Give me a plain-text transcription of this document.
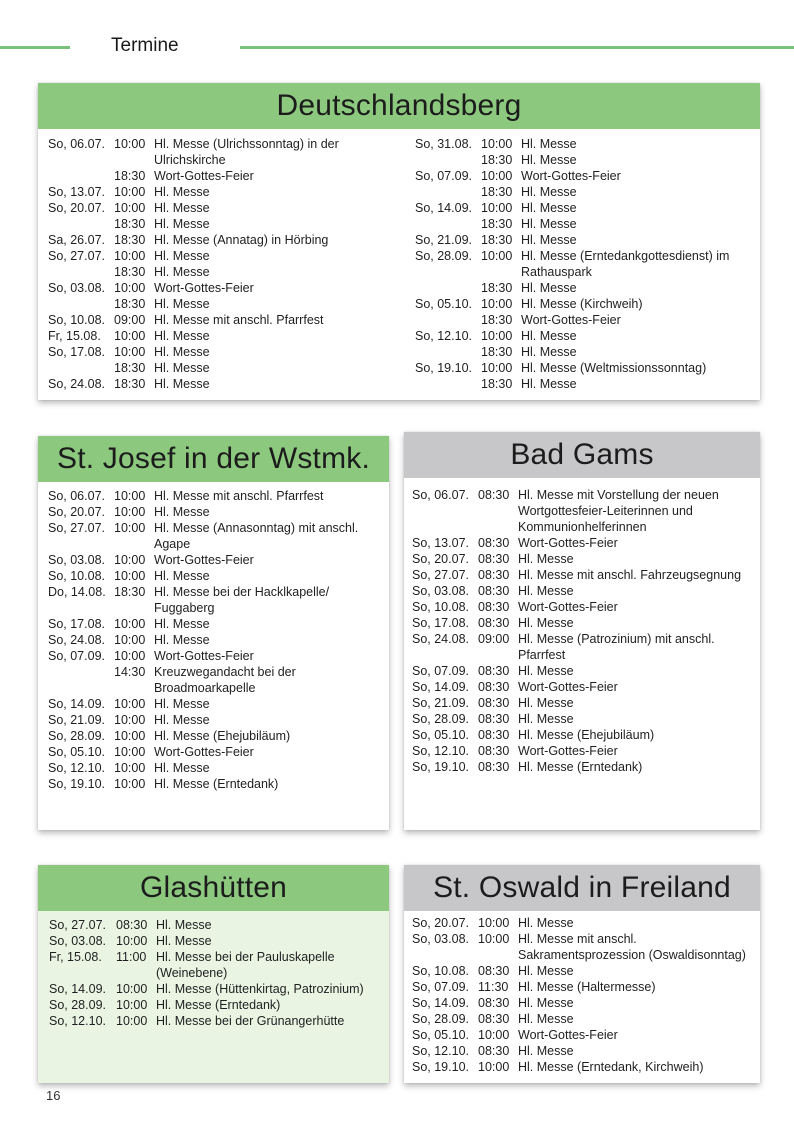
Termine
Deutschlandsberg
So, 06.07. 10:00 Hl. Messe (Ulrichssonntag) in der Ulrichskirche
18:30 Wort-Gottes-Feier
So, 13.07. 10:00 Hl. Messe
So, 20.07. 10:00 Hl. Messe
18:30 Hl. Messe
Sa, 26.07. 18:30 Hl. Messe (Annatag) in Hörbing
So, 27.07. 10:00 Hl. Messe
18:30 Hl. Messe
So, 03.08. 10:00 Wort-Gottes-Feier
18:30 Hl. Messe
So, 10.08. 09:00 Hl. Messe mit anschl. Pfarrfest
Fr, 15.08.	10:00 Hl. Messe
So, 17.08. 10:00 Hl. Messe
18:30 Hl. Messe
So, 24.08. 18:30 Hl. Messe
So, 31.08. 10:00 Hl. Messe
18:30 Hl. Messe
So, 07.09. 10:00 Wort-Gottes-Feier
18:30 Hl. Messe
So, 14.09. 10:00 Hl. Messe
18:30 Hl. Messe
So, 21.09. 18:30 Hl. Messe
So, 28.09. 10:00 Hl. Messe (Erntedankgottesdienst) im Rathauspark
18:30 Hl. Messe
So, 05.10. 10:00 Hl. Messe (Kirchweih)
18:30 Wort-Gottes-Feier
So, 12.10. 10:00 Hl. Messe
18:30 Hl. Messe
So, 19.10. 10:00 Hl. Messe (Weltmissionssonntag)
18:30 Hl. Messe
St. Josef in der Wstmk.
So, 06.07. 10:00 Hl. Messe mit anschl. Pfarrfest
So, 20.07. 10:00 Hl. Messe
So, 27.07. 10:00 Hl. Messe (Annasonntag) mit anschl. Agape
So, 03.08. 10:00 Wort-Gottes-Feier
So, 10.08. 10:00 Hl. Messe
Do, 14.08. 18:30 Hl. Messe bei der Hacklkapelle/ Fuggaberg
So, 17.08. 10:00 Hl. Messe
So, 24.08. 10:00 Hl. Messe
So, 07.09. 10:00 Wort-Gottes-Feier
14:30 Kreuzwegandacht bei der Broadmoarkapelle
So, 14.09. 10:00 Hl. Messe
So, 21.09. 10:00 Hl. Messe
So, 28.09. 10:00 Hl. Messe (Ehejubiläum)
So, 05.10. 10:00 Wort-Gottes-Feier
So, 12.10. 10:00 Hl. Messe
So, 19.10. 10:00 Hl. Messe (Erntedank)
Bad Gams
So, 06.07. 08:30 Hl. Messe mit Vorstellung der neuen Wortgottesfeier-Leiterinnen und Kommunionhelferinnen
So, 13.07. 08:30 Wort-Gottes-Feier
So, 20.07. 08:30 Hl. Messe
So, 27.07. 08:30 Hl. Messe mit anschl. Fahrzeugsegnung
So, 03.08. 08:30 Hl. Messe
So, 10.08. 08:30 Wort-Gottes-Feier
So, 17.08. 08:30 Hl. Messe
So, 24.08. 09:00 Hl. Messe (Patrozinium) mit anschl. Pfarrfest
So, 07.09. 08:30 Hl. Messe
So, 14.09. 08:30 Wort-Gottes-Feier
So, 21.09. 08:30 Hl. Messe
So, 28.09. 08:30 Hl. Messe
So, 05.10. 08:30 Hl. Messe (Ehejubiläum)
So, 12.10. 08:30 Wort-Gottes-Feier
So, 19.10. 08:30 Hl. Messe (Erntedank)
Glashütten
So, 27.07. 08:30 Hl. Messe
So, 03.08. 10:00 Hl. Messe
Fr, 15.08.	11:00 Hl. Messe bei der Pauluskapelle (Weinebene)
So, 14.09. 10:00 Hl. Messe (Hüttenkirtag, Patrozinium)
So, 28.09. 10:00 Hl. Messe (Erntedank)
So, 12.10. 10:00 Hl. Messe bei der Grünangerhütte
St. Oswald in Freiland
So, 20.07. 10:00 Hl. Messe
So, 03.08. 10:00 Hl. Messe mit anschl. Sakramentsprozession (Oswaldisonntag)
So, 10.08. 08:30 Hl. Messe
So, 07.09. 11:30 Hl. Messe (Haltermesse)
So, 14.09. 08:30 Hl. Messe
So, 28.09. 08:30 Hl. Messe
So, 05.10. 10:00 Wort-Gottes-Feier
So, 12.10. 08:30 Hl. Messe
So, 19.10. 10:00 Hl. Messe (Erntedank, Kirchweih)
16
